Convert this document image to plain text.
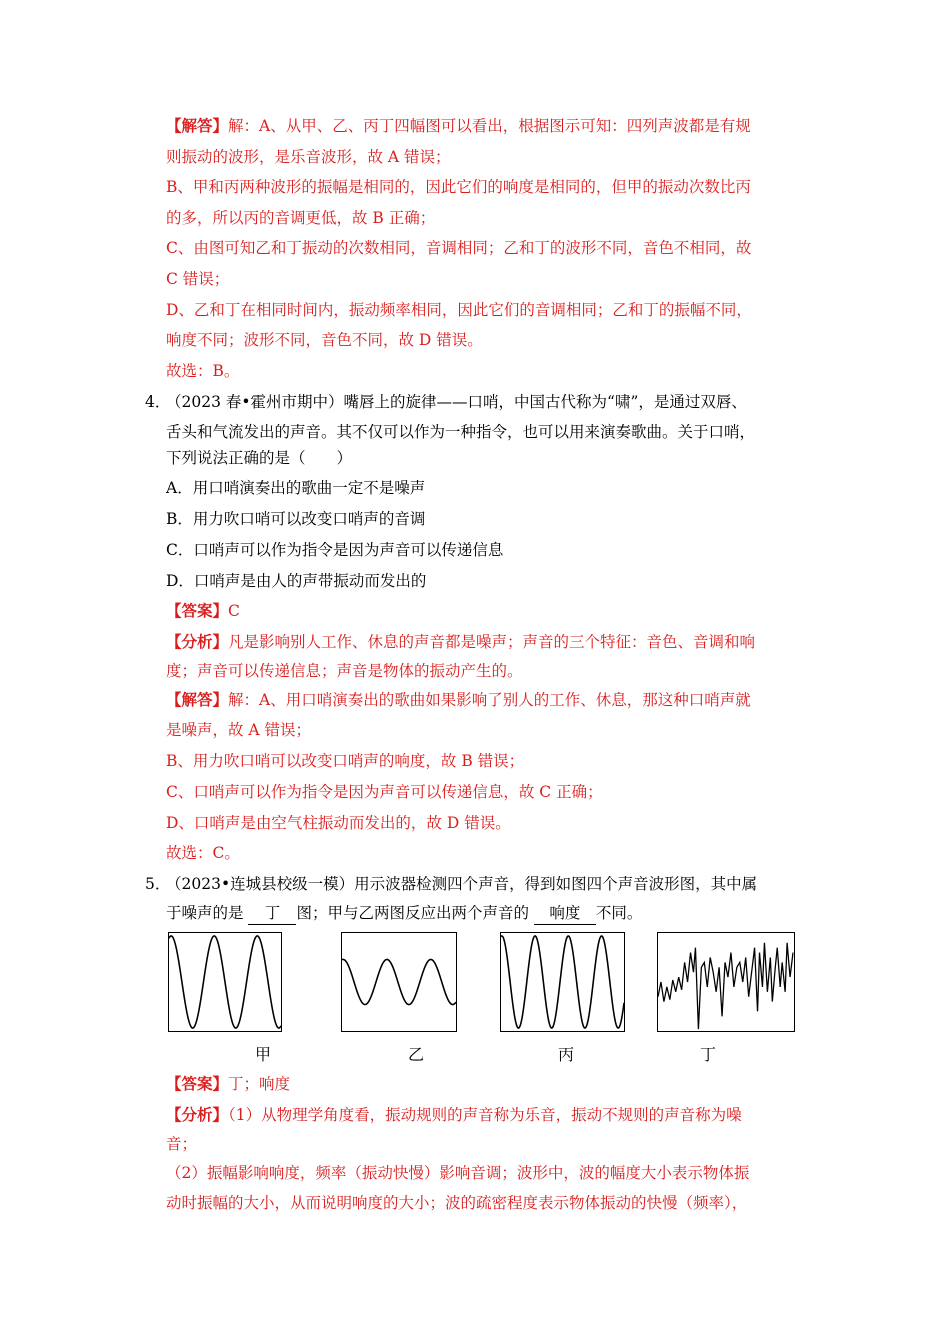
【解答】解：A、从甲、乙、丙丁四幅图可以看出，根据图示可知：四列声波都是有规
则振动的波形，是乐音波形，故 A 错误；
B、甲和丙两种波形的振幅是相同的，因此它们的响度是相同的，但甲的振动次数比丙
的多，所以丙的音调更低，故 B 正确；
C、由图可知乙和丁振动的次数相同，音调相同；乙和丁的波形不同，音色不相同，故
C 错误；
D、乙和丁在相同时间内，振动频率相同，因此它们的音调相同；乙和丁的振幅不同，
响度不同；波形不同，音色不同，故 D 错误。
故选：B。
4．
（2023 春•霍州市期中）嘴唇上的旋律——口哨，中国古代称为“啸”，是通过双唇、
舌头和气流发出的声音。其不仅可以作为一种指令，也可以用来演奏歌曲。关于口哨，
下列说法正确的是（　　）
A．用口哨演奏出的歌曲一定不是噪声
B．用力吹口哨可以改变口哨声的音调
C．口哨声可以作为指令是因为声音可以传递信息
D．口哨声是由人的声带振动而发出的
【答案】C
【分析】凡是影响别人工作、休息的声音都是噪声；声音的三个特征：音色、音调和响
度；声音可以传递信息；声音是物体的振动产生的。
【解答】解：A、用口哨演奏出的歌曲如果影响了别人的工作、休息，那这种口哨声就
是噪声，故 A 错误；
B、用力吹口哨可以改变口哨声的响度，故 B 错误；
C、口哨声可以作为指令是因为声音可以传递信息，故 C 正确；
D、口哨声是由空气柱振动而发出的，故 D 错误。
故选：C。
5．
（2023•连城县校级一模）用示波器检测四个声音，得到如图四个声音波形图，其中属
于噪声的是 丁 图；甲与乙两图反应出两个声音的 响度 不同。
甲	乙	丙	丁
【答案】丁；响度
【分析】（1）从物理学角度看，振动规则的声音称为乐音，振动不规则的声音称为噪
音；
（2）振幅影响响度，频率（振动快慢）影响音调；波形中，波的幅度大小表示物体振
动时振幅的大小，从而说明响度的大小；波的疏密程度表示物体振动的快慢（频率），
